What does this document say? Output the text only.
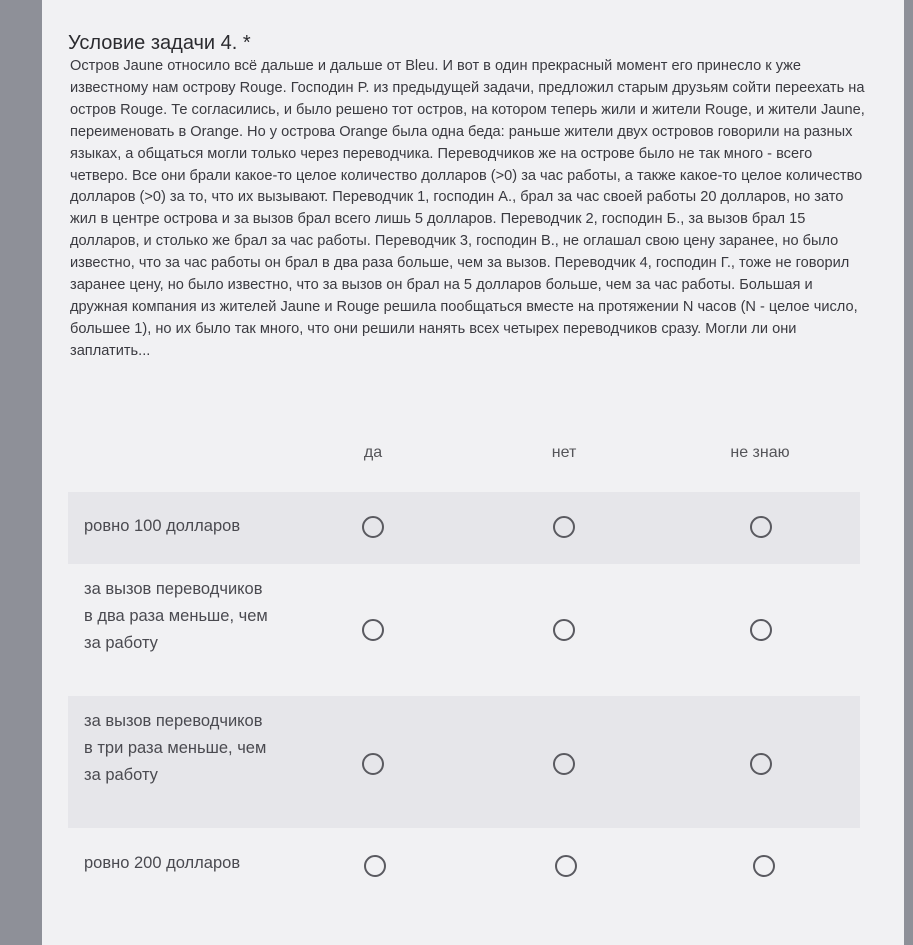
Условие задачи 4. *
Остров Jaune относило всё дальше и дальше от Bleu. И вот в один прекрасный момент его принесло к уже известному нам острову Rouge. Господин P. из предыдущей задачи, предложил старым друзьям сойти переехать на остров Rouge. Те согласились, и было решено тот остров, на котором теперь жили и жители Rouge, и жители Jaune, переименовать в Orange. Но у острова Orange была одна беда: раньше жители двух островов говорили на разных языках, а общаться могли только через переводчика. Переводчиков же на острове было не так много - всего четверо. Все они брали какое-то целое количество долларов (>0) за час работы, а также какое-то целое количество долларов (>0) за то, что их вызывают. Переводчик 1, господин A., брал за час своей работы 20 долларов, но зато жил в центре острова и за вызов брал всего лишь 5 долларов. Переводчик 2, господин Б., за вызов брал 15 долларов, и столько же брал за час работы. Переводчик 3, господин В., не оглашал свою цену заранее, но было известно, что за час работы он брал в два раза больше, чем за вызов. Переводчик 4, господин Г., тоже не говорил заранее цену, но было известно, что за вызов он брал на 5 долларов больше, чем за час работы. Большая и дружная компания из жителей Jaune и Rouge решила пообщаться вместе на протяжении N часов (N - целое число, большее 1), но их было так много, что они решили нанять всех четырех переводчиков сразу. Могли ли они заплатить...
да	нет	не знаю
ровно 100 долларов
за вызов переводчиков в два раза меньше, чем за работу
за вызов переводчиков в три раза меньше, чем за работу
ровно 200 долларов
